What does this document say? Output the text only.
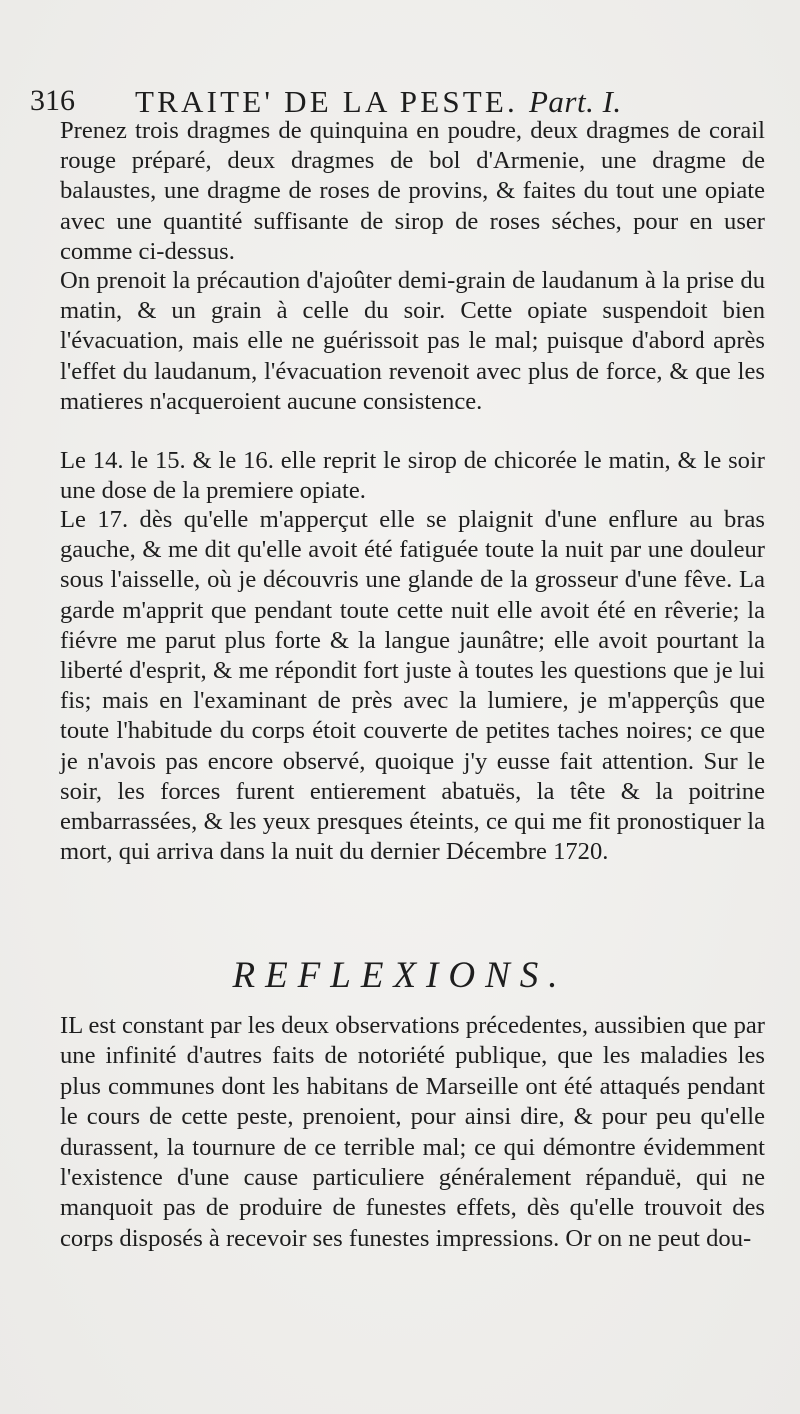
316 TRAITE' DE LA PESTE. Part. I.

Prenez trois dragmes de quinquina en poudre, deux dragmes de corail rouge préparé, deux dragmes de bol d'Armenie, une dragme de balaustes, une dragme de roses de provins, & faites du tout une opiate avec une quantité suffisante de sirop de roses séches, pour en user comme ci-dessus.

On prenoit la précaution d'ajoûter demi-grain de laudanum à la prise du matin, & un grain à celle du soir. Cette opiate suspendoit bien l'évacuation, mais elle ne guérissoit pas le mal; puisque d'abord après l'effet du laudanum, l'évacuation revenoit avec plus de force, & que les matieres n'acqueroient aucune consistence.

Le 14. le 15. & le 16. elle reprit le sirop de chicorée le matin, & le soir une dose de la premiere opiate.

Le 17. dès qu'elle m'apperçut elle se plaignit d'une enflure au bras gauche, & me dit qu'elle avoit été fatiguée toute la nuit par une douleur sous l'aisselle, où je découvris une glande de la grosseur d'une fêve. La garde m'apprit que pendant toute cette nuit elle avoit été en rêverie; la fiévre me parut plus forte & la langue jaunâtre; elle avoit pourtant la liberté d'esprit, & me répondit fort juste à toutes les questions que je lui fis; mais en l'examinant de près avec la lumiere, je m'apperçûs que toute l'habitude du corps étoit couverte de petites taches noires; ce que je n'avois pas encore observé, quoique j'y eusse fait attention. Sur le soir, les forces furent entierement abatuës, la tête & la poitrine embarrassées, & les yeux presques éteints, ce qui me fit pronostiquer la mort, qui arriva dans la nuit du dernier Décembre 1720.

REFLEXIONS.

IL est constant par les deux observations précedentes, aussibien que par une infinité d'autres faits de notoriété publique, que les maladies les plus communes dont les habitans de Marseille ont été attaqués pendant le cours de cette peste, prenoient, pour ainsi dire, & pour peu qu'elle durassent, la tournure de ce terrible mal; ce qui démontre évidemment l'existence d'une cause particuliere généralement répanduë, qui ne manquoit pas de produire de funestes effets, dès qu'elle trouvoit des corps disposés à recevoir ses funestes impressions. Or on ne peut dou-
